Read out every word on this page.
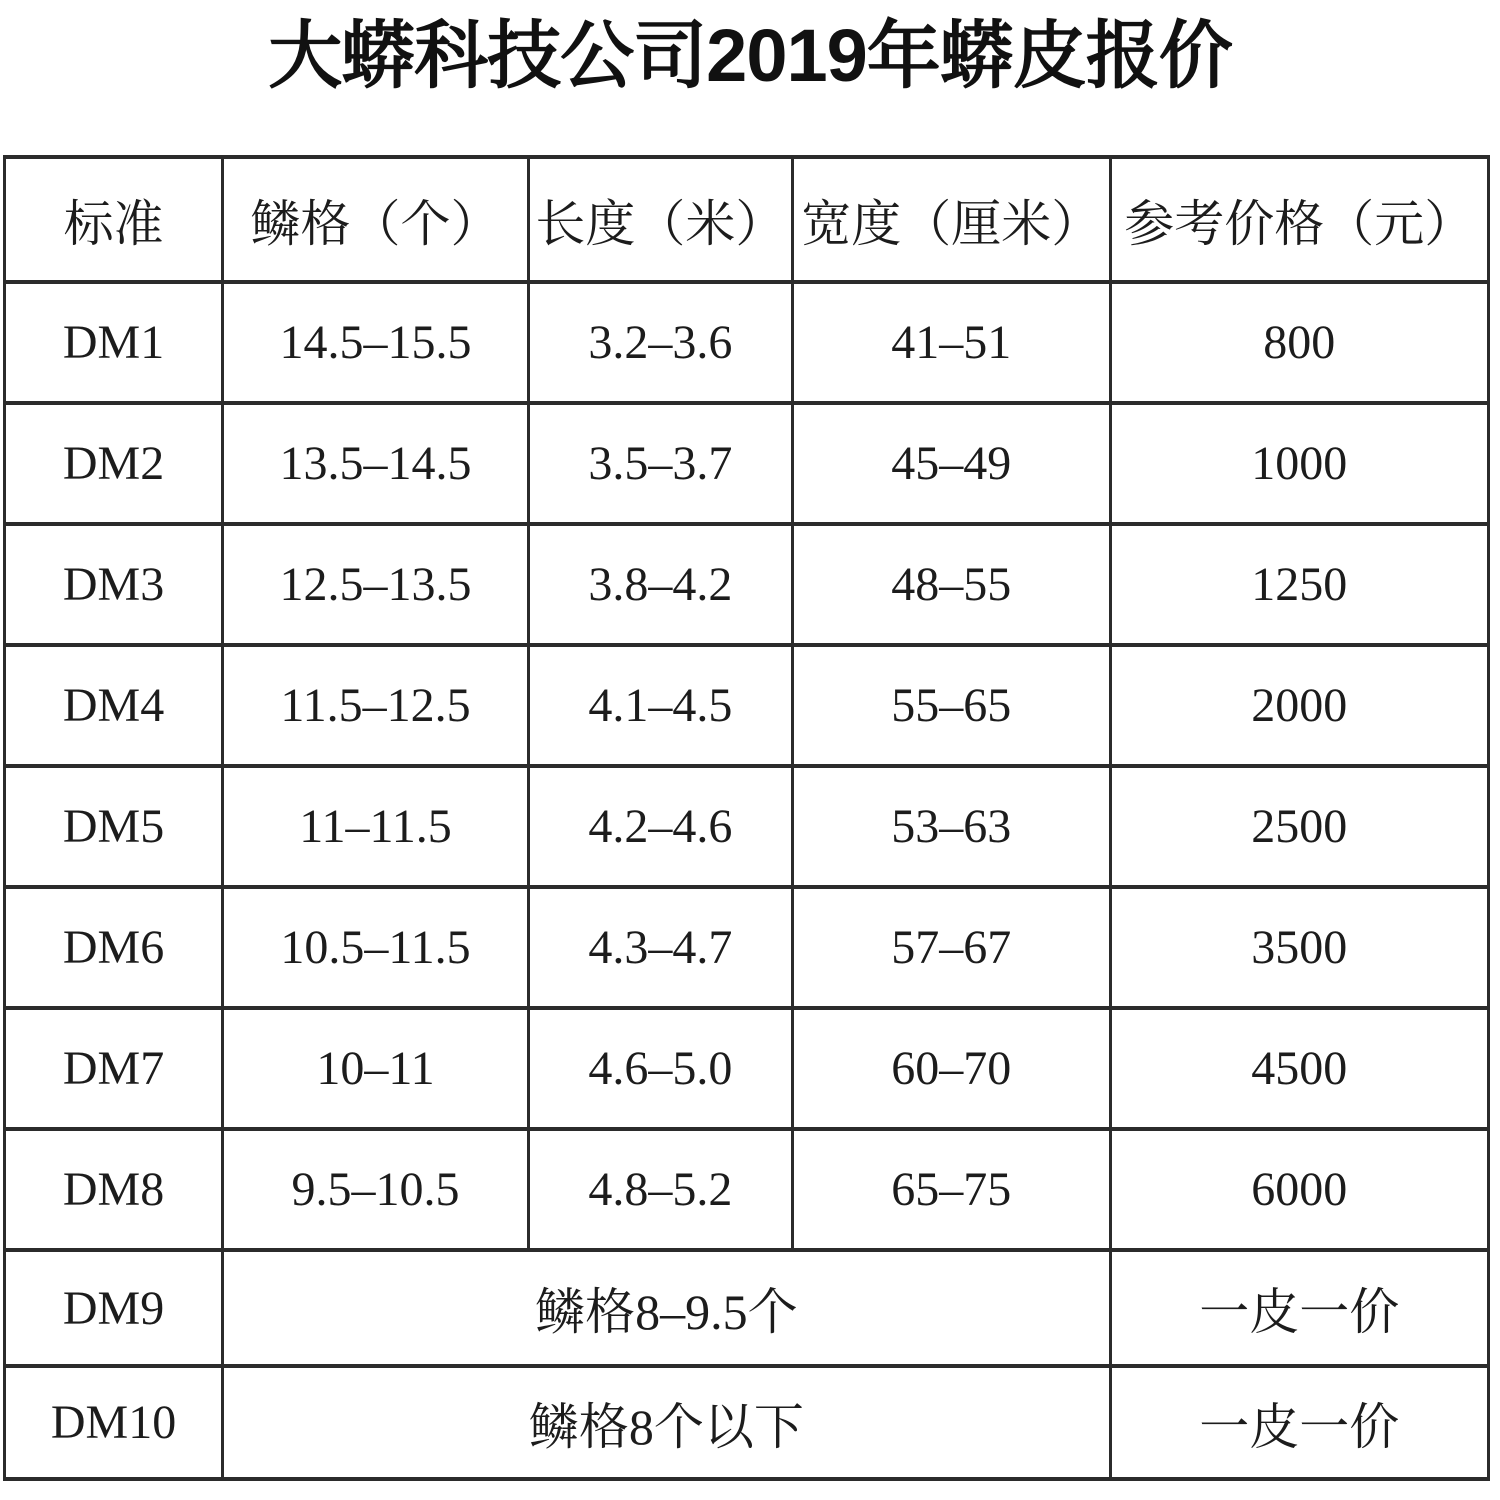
大蟒科技公司2019年蟒皮报价
标准	鳞格（个）	长度（米）	宽度（厘米）	参考价格（元）
DM1	14.5–15.5	3.2–3.6	41–51	800
DM2	13.5–14.5	3.5–3.7	45–49	1000
DM3	12.5–13.5	3.8–4.2	48–55	1250
DM4	11.5–12.5	4.1–4.5	55–65	2000
DM5	11–11.5	4.2–4.6	53–63	2500
DM6	10.5–11.5	4.3–4.7	57–67	3500
DM7	10–11	4.6–5.0	60–70	4500
DM8	9.5–10.5	4.8–5.2	65–75	6000
DM9	鳞格8–9.5个			一皮一价
DM10	鳞格8个以下			一皮一价
